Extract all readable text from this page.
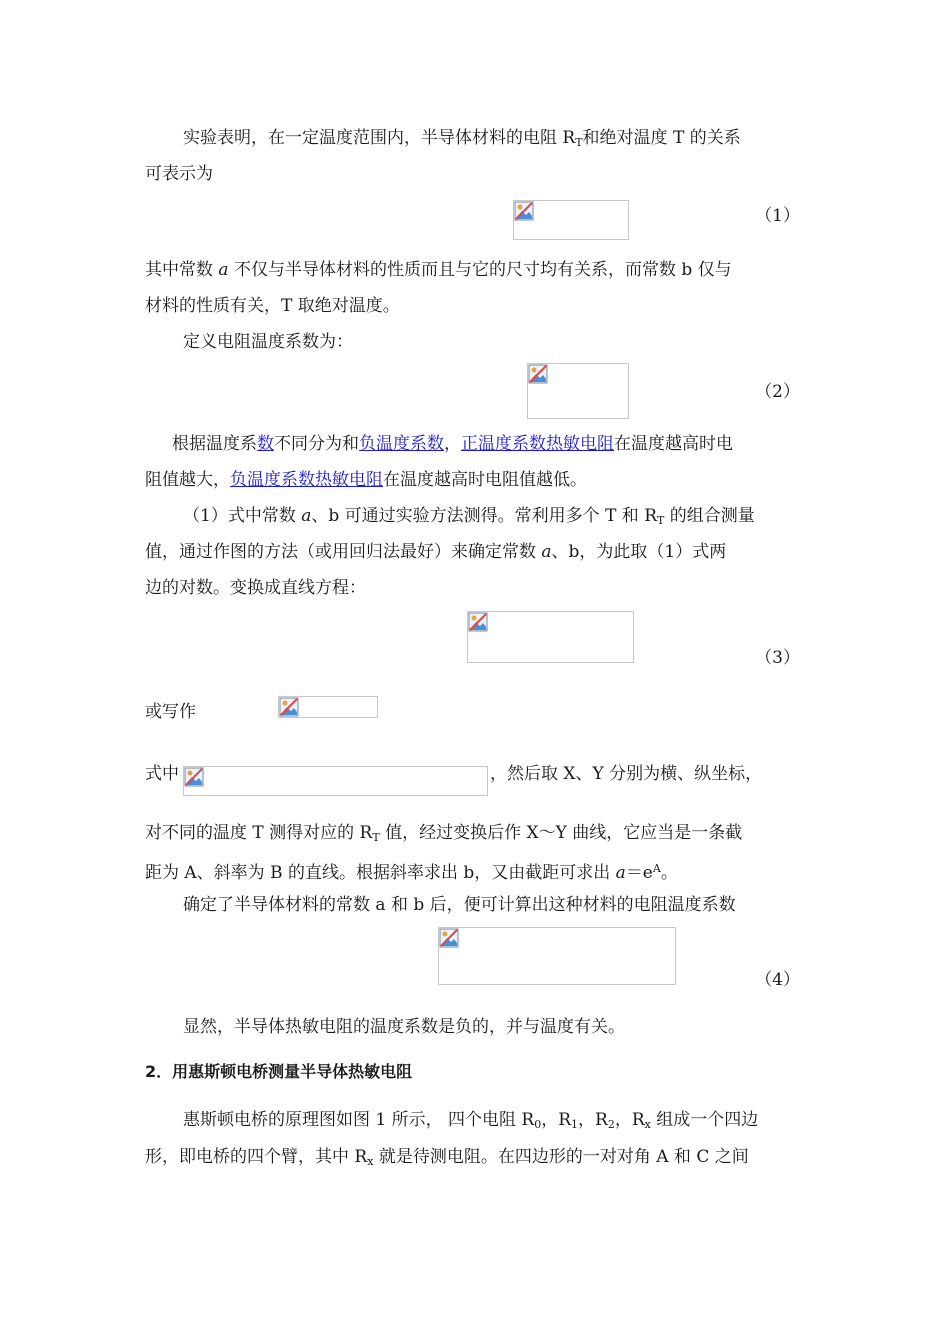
实验表明，在一定温度范围内，半导体材料的电阻 $R_T$和绝对温度 T 的关系
可表示为
（1）
其中常数 a 不仅与半导体材料的性质而且与它的尺寸均有关系，而常数 b 仅与
材料的性质有关，T 取绝对温度。
定义电阻温度系数为：
（2）
根据温度系数不同分为和负温度系数，正温度系数热敏电阻在温度越高时电
阻值越大，负温度系数热敏电阻在温度越高时电阻值越低。
（1）式中常数 a、b 可通过实验方法测得。常利用多个 T 和 $R_T$ 的组合测量
值，通过作图的方法（或用回归法最好）来确定常数 a、b，为此取（1）式两
边的对数。变换成直线方程：
（3）
或写作
式中	，然后取 X、Y 分别为横、纵坐标，
对不同的温度 T 测得对应的 $R_T$ 值，经过变换后作 X～Y 曲线，它应当是一条截
距为 A、斜率为 B 的直线。根据斜率求出 b，又由截距可求出 $a=e^A$。
确定了半导体材料的常数 a 和 b 后，便可计算出这种材料的电阻温度系数
（4）
显然，半导体热敏电阻的温度系数是负的，并与温度有关。
2．用惠斯顿电桥测量半导体热敏电阻
惠斯顿电桥的原理图如图 1 所示， 四个电阻 $R_0$，$R_1$，$R_2$，$R_x$ 组成一个四边
形，即电桥的四个臂，其中 $R_x$ 就是待测电阻。在四边形的一对对角 A 和 C 之间
